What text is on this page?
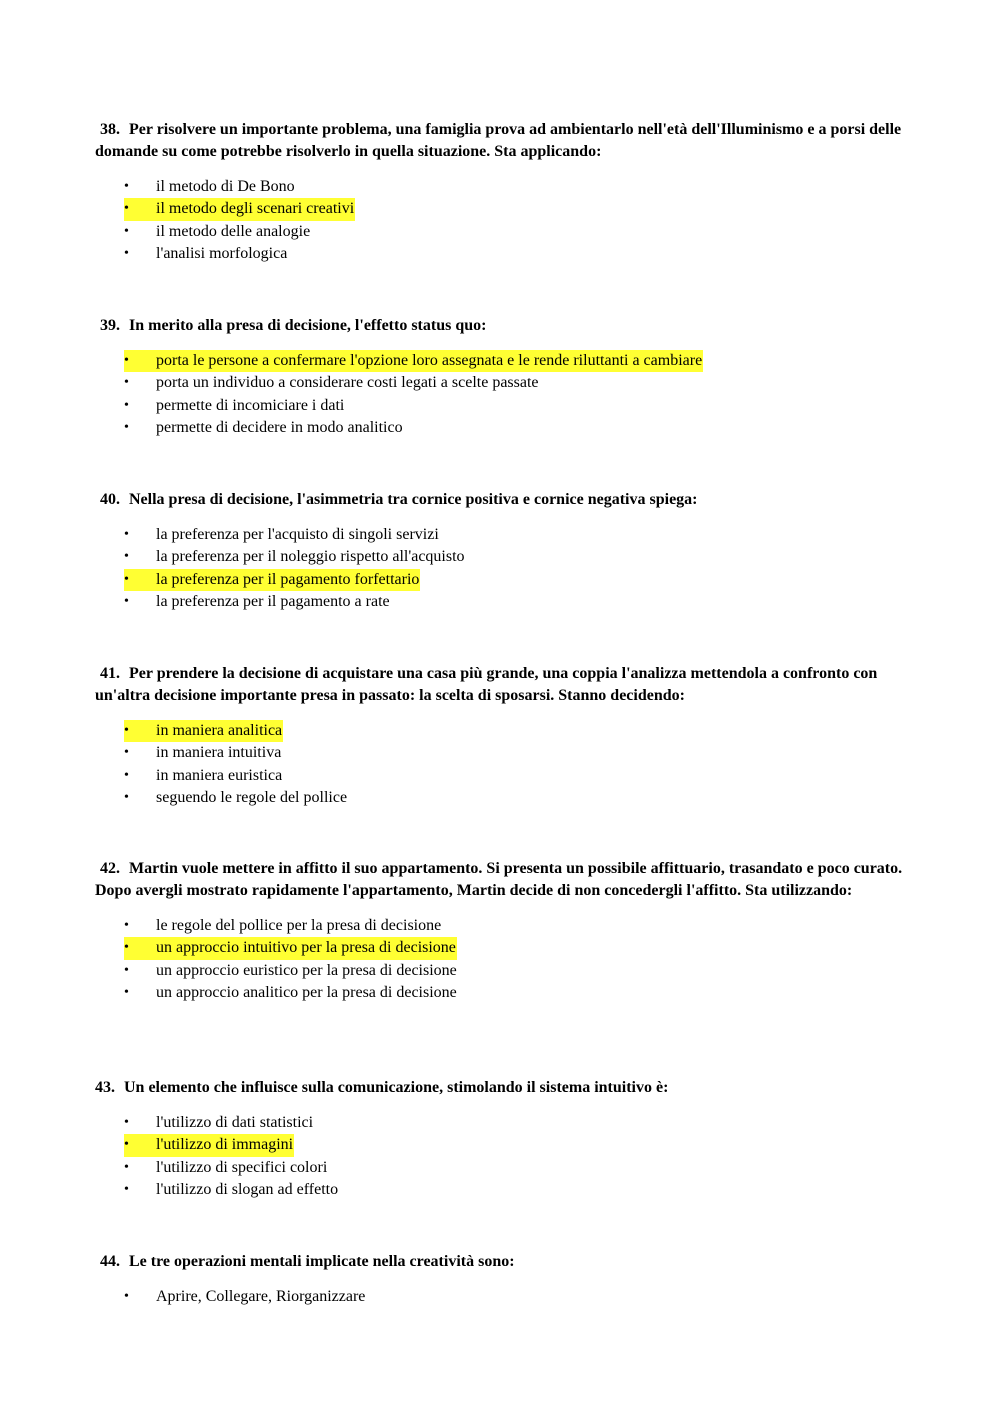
38. Per risolvere un importante problema, una famiglia prova ad ambientarlo nell'età dell'Illuminismo e a porsi delle domande su come potrebbe risolverlo in quella situazione. Sta applicando:

• il metodo di De Bono
•	il metodo degli scenari creativi
• il metodo delle analogie
• l'analisi morfologica

39. In merito alla presa di decisione, l'effetto status quo:

•	porta le persone a confermare l'opzione loro assegnata e le rende riluttanti a cambiare
• porta un individuo a considerare costi legati a scelte passate
• permette di incomiciare i dati
• permette di decidere in modo analitico

40. Nella presa di decisione, l'asimmetria tra cornice positiva e cornice negativa spiega:

• la preferenza per l'acquisto di singoli servizi
• la preferenza per il noleggio rispetto all'acquisto
•	la preferenza per il pagamento forfettario
• la preferenza per il pagamento a rate

41. Per prendere la decisione di acquistare una casa più grande, una coppia l'analizza mettendola a confronto con un'altra decisione importante presa in passato: la scelta di sposarsi. Stanno decidendo:

•	in maniera analitica
• in maniera intuitiva
• in maniera euristica
• seguendo le regole del pollice

42. Martin vuole mettere in affitto il suo appartamento. Si presenta un possibile affittuario, trasandato e poco curato. Dopo avergli mostrato rapidamente l'appartamento, Martin decide di non concedergli l'affitto. Sta utilizzando:

• le regole del pollice per la presa di decisione
•	un approccio intuitivo per la presa di decisione
• un approccio euristico per la presa di decisione
• un approccio analitico per la presa di decisione

43. Un elemento che influisce sulla comunicazione, stimolando il sistema intuitivo è:

• l'utilizzo di dati statistici
•	l'utilizzo di immagini
• l'utilizzo di specifici colori
• l'utilizzo di slogan ad effetto

44. Le tre operazioni mentali implicate nella creatività sono:

• Aprire, Collegare, Riorganizzare
